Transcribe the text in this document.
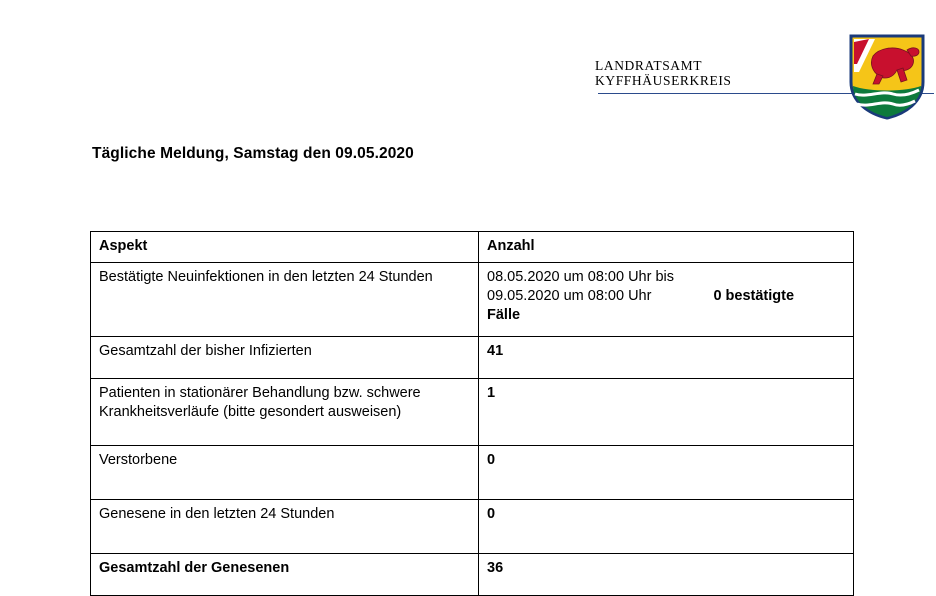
LANDRATSAMT
KYFFHÄUSERKREIS
Tägliche Meldung, Samstag den 09.05.2020
Aspekt	Anzahl
Bestätigte Neuinfektionen in den letzten 24 Stunden	08.05.2020 um 08:00 Uhr bis
09.05.2020 um 08:00 Uhr 0 bestätigte
Fälle

Gesamtzahl der bisher Infizierten	41
Patienten in stationärer Behandlung bzw. schwere Krankheitsverläufe (bitte gesondert ausweisen)	1
Verstorbene	0
Genesene in den letzten 24 Stunden	0
Gesamtzahl der Genesenen	36
